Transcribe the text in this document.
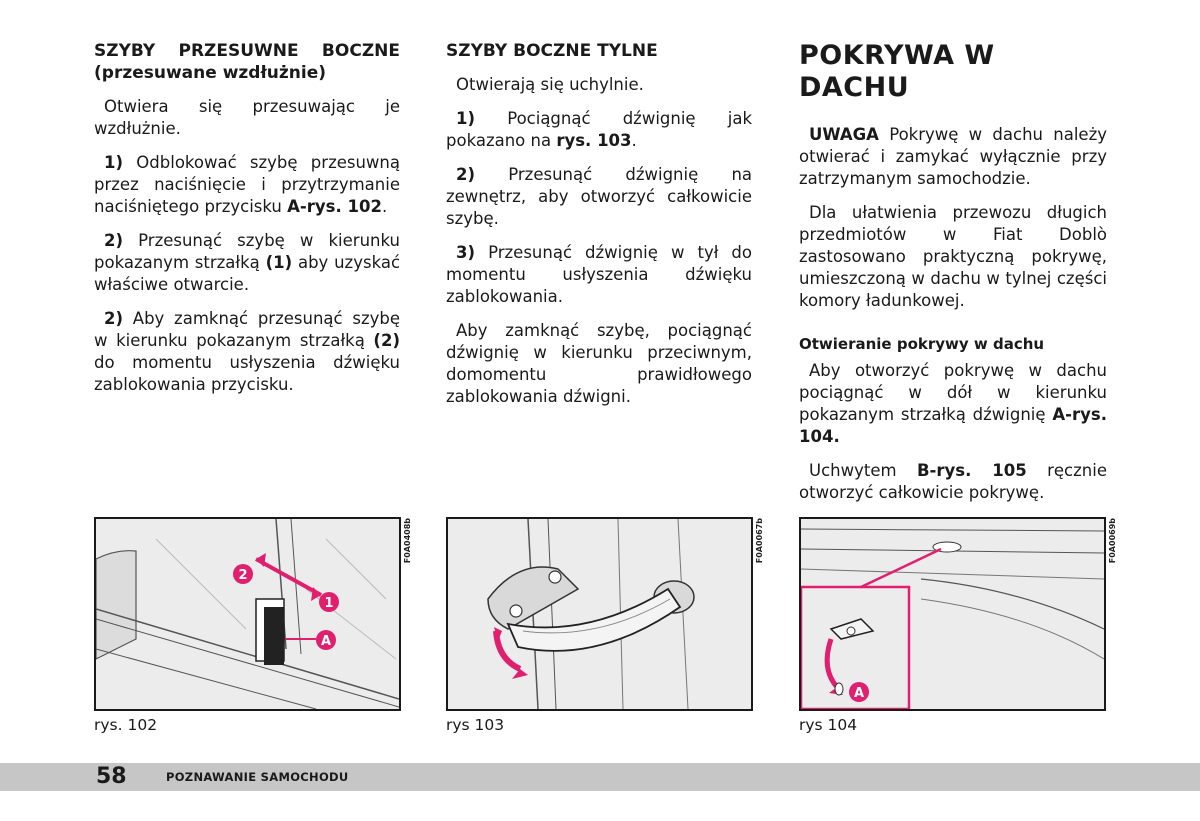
SZYBY PRZESUWNE BOCZNE
(przesuwane wzdłużnie)

Otwiera się przesuwając je wzdłużnie.

1) Odblokować szybę przesuwną przez naciśnięcie i przytrzymanie naciśniętego przycisku A-rys. 102.

2) Przesunąć szybę w kierunku pokazanym strzałką (1) aby uzyskać właściwe otwarcie.

2) Aby zamknąć przesunąć szybę w kierunku pokazanym strzałką (2) do momentu usłyszenia dźwięku zablokowania przycisku.

SZYBY BOCZNE TYLNE

Otwierają się uchylnie.

1) Pociągnąć dźwignię jak pokazano na rys. 103.

2) Przesunąć dźwignię na zewnętrz, aby otworzyć całkowicie szybę.

3) Przesunąć dźwignię w tył do momentu usłyszenia dźwięku zablokowania.

Aby zamknąć szybę, pociągnąć dźwignię w kierunku przeciwnym, domomentu prawidłowego zablokowania dźwigni.

POKRYWA W DACHU

UWAGA Pokrywę w dachu należy otwierać i zamykać wyłącznie przy zatrzymanym samochodzie.

Dla ułatwienia przewozu długich przedmiotów w Fiat Doblò zastosowano praktyczną pokrywę, umieszczoną w dachu w tylnej części komory ładunkowej.

Otwieranie pokrywy w dachu

Aby otworzyć pokrywę w dachu pociągnąć w dół w kierunku pokazanym strzałką dźwignię A-rys. 104.

Uchwytem B-rys. 105 ręcznie otworzyć całkowicie pokrywę.

2
1
A
F0A0408b
rys. 102
F0A0067b
rys 103
A
F0A0069b
rys 104
58	POZNAWANIE SAMOCHODU
